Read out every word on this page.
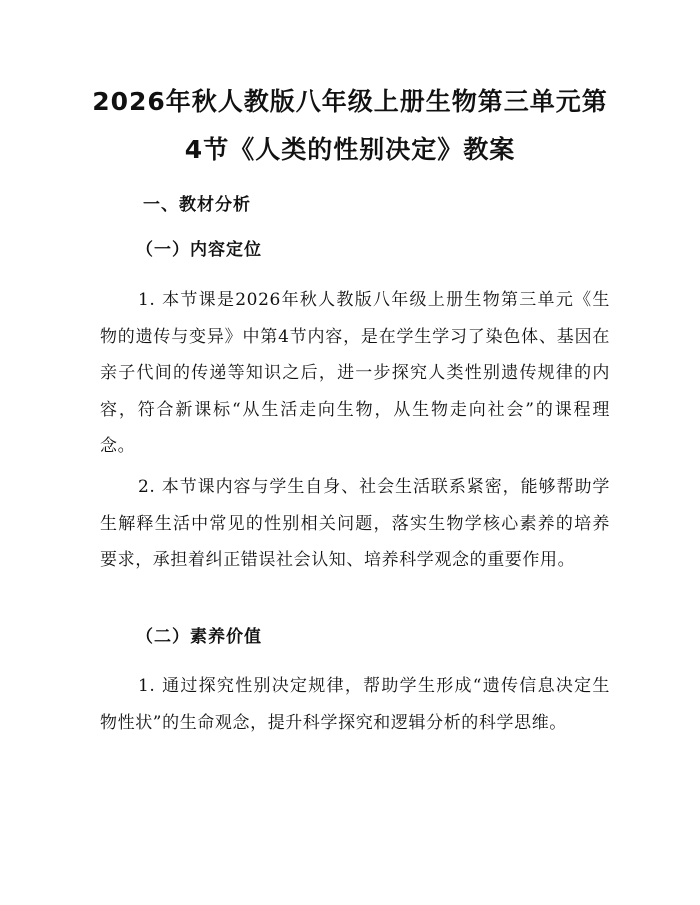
2026年秋人教版八年级上册生物第三单元第
4节《人类的性别决定》教案
一、教材分析
（一）内容定位

1. 本节课是2026年秋人教版八年级上册生物第三单元《生物的遗传与变异》中第4节内容，是在学生学习了染色体、基因在亲子代间的传递等知识之后，进一步探究人类性别遗传规律的内容，符合新课标“从生活走向生物，从生物走向社会”的课程理念。

2. 本节课内容与学生自身、社会生活联系紧密，能够帮助学生解释生活中常见的性别相关问题，落实生物学核心素养的培养要求，承担着纠正错误社会认知、培养科学观念的重要作用。

（二）素养价值

1. 通过探究性别决定规律，帮助学生形成“遗传信息决定生物性状”的生命观念，提升科学探究和逻辑分析的科学思维。
